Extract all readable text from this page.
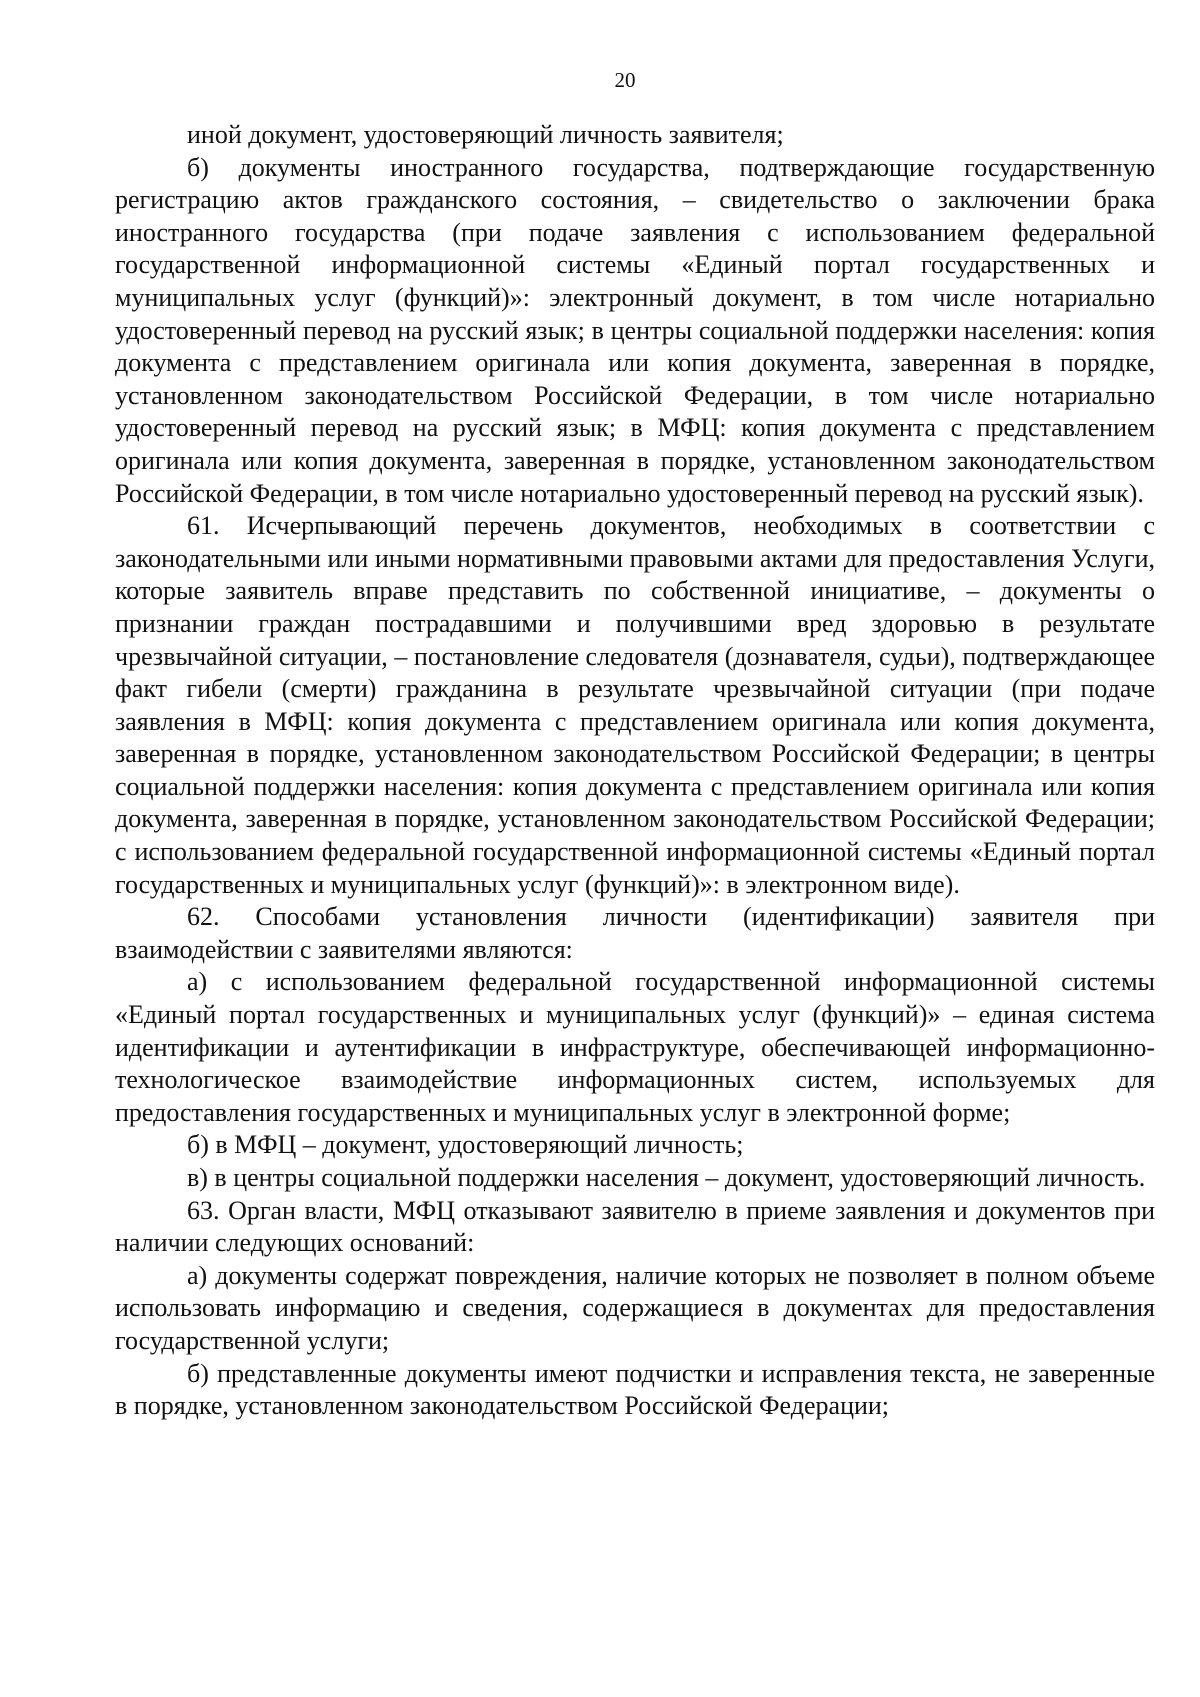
20

иной документ, удостоверяющий личность заявителя;

б) документы иностранного государства, подтверждающие государственную регистрацию актов гражданского состояния, – свидетельство о заключении брака иностранного государства (при подаче заявления с использованием федеральной государственной информационной системы «Единый портал государственных и муниципальных услуг (функций)»: электронный документ, в том числе нотариально удостоверенный перевод на русский язык; в центры социальной поддержки населения: копия документа с представлением оригинала или копия документа, заверенная в порядке, установленном законодательством Российской Федерации, в том числе нотариально удостоверенный перевод на русский язык; в МФЦ: копия документа с представлением оригинала или копия документа, заверенная в порядке, установленном законодательством Российской Федерации, в том числе нотариально удостоверенный перевод на русский язык).

61. Исчерпывающий перечень документов, необходимых в соответствии с законодательными или иными нормативными правовыми актами для предоставления Услуги, которые заявитель вправе представить по собственной инициативе, – документы о признании граждан пострадавшими и получившими вред здоровью в результате чрезвычайной ситуации, – постановление следователя (дознавателя, судьи), подтверждающее факт гибели (смерти) гражданина в результате чрезвычайной ситуации (при подаче заявления в МФЦ: копия документа с представлением оригинала или копия документа, заверенная в порядке, установленном законодательством Российской Федерации; в центры социальной поддержки населения: копия документа с представлением оригинала или копия документа, заверенная в порядке, установленном законодательством Российской Федерации; с использованием федеральной государственной информационной системы «Единый портал государственных и муниципальных услуг (функций)»: в электронном виде).

62. Способами установления личности (идентификации) заявителя при взаимодействии с заявителями являются:

а) с использованием федеральной государственной информационной системы «Единый портал государственных и муниципальных услуг (функций)» – единая система идентификации и аутентификации в инфраструктуре, обеспечивающей информационно-технологическое взаимодействие информационных систем, используемых для предоставления государственных и муниципальных услуг в электронной форме;

б) в МФЦ – документ, удостоверяющий личность;

в) в центры социальной поддержки населения – документ, удостоверяющий личность.

63. Орган власти, МФЦ отказывают заявителю в приеме заявления и документов при наличии следующих оснований:

а) документы содержат повреждения, наличие которых не позволяет в полном объеме использовать информацию и сведения, содержащиеся в документах для предоставления государственной услуги;

б) представленные документы имеют подчистки и исправления текста, не заверенные в порядке, установленном законодательством Российской Федерации;
